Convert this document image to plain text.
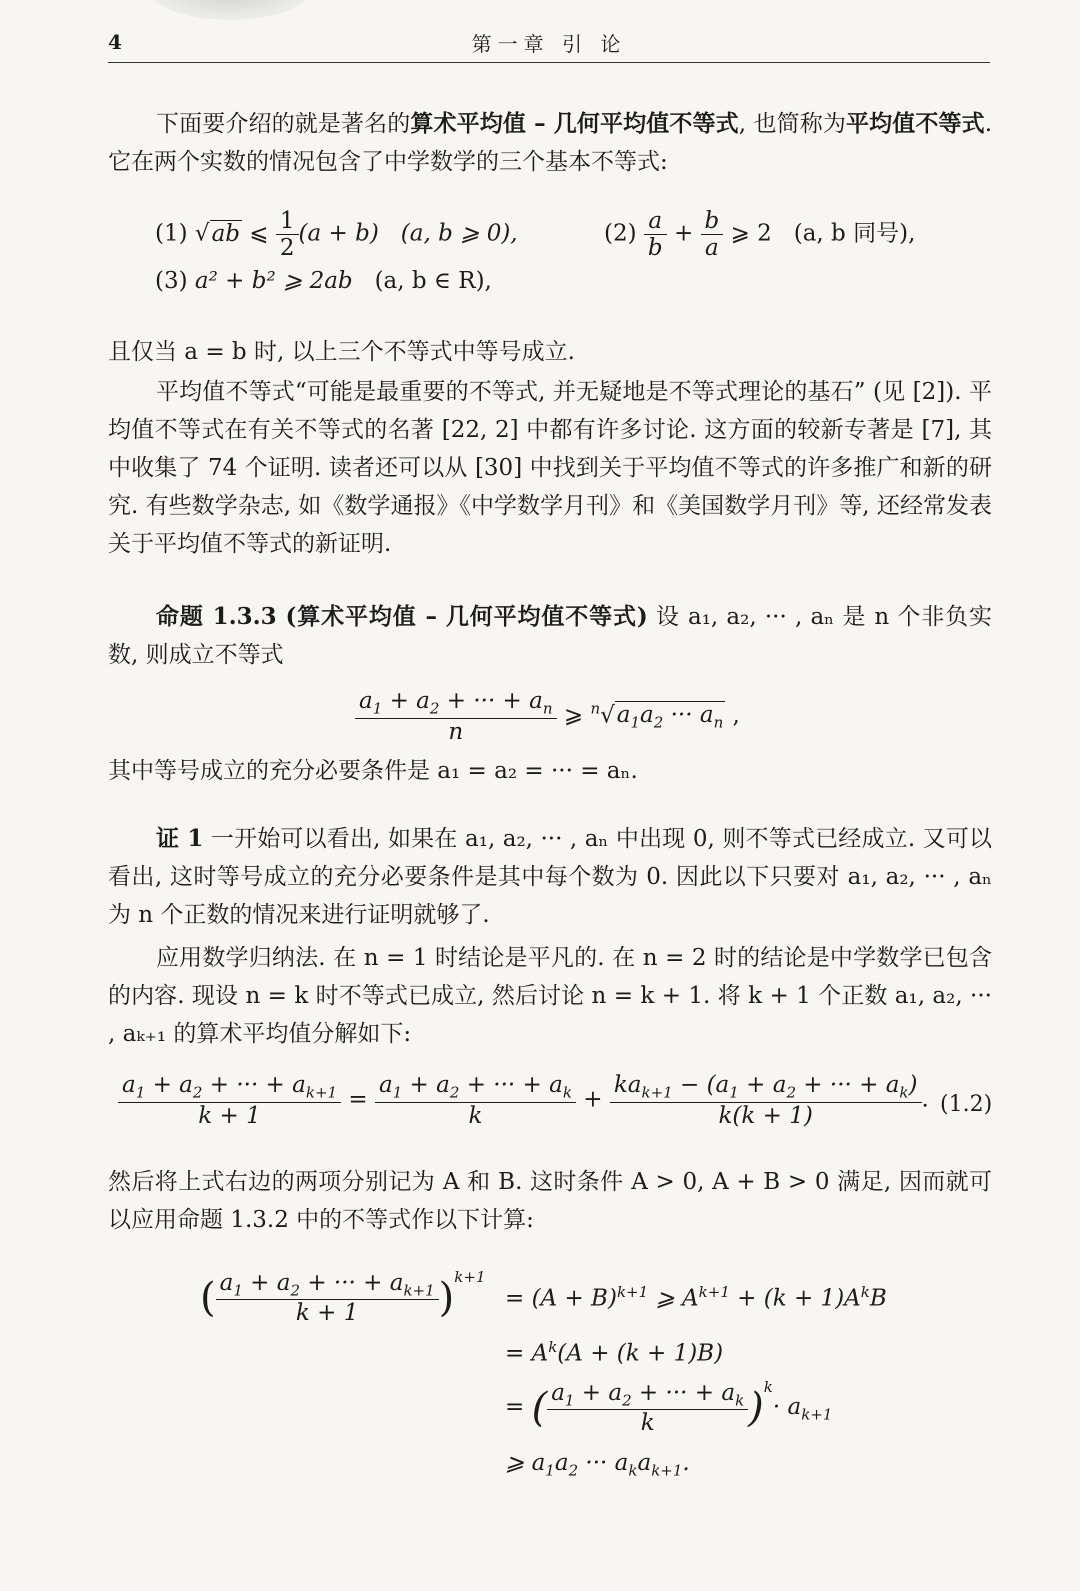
4	第一章 引 论
下面要介绍的就是著名的算术平均值 – 几何平均值不等式, 也简称为平均值不等式. 它在两个实数的情况包含了中学数学的三个基本不等式:
(1) √ab ⩽ $\frac{1}{2} (a + b)$ (a, b ⩾ 0),	$(2) \frac{a}{b} + \frac{b}{a}$ ⩾ 2   (a, b 同号),
(3) a² + b² ⩾ 2ab (a, b ∈ R),
且仅当 a = b 时, 以上三个不等式中等号成立.
平均值不等式“可能是最重要的不等式, 并无疑地是不等式理论的基石” (见 [2]). 平均值不等式在有关不等式的名著 [22, 2] 中都有许多讨论. 这方面的较新专著是 [7], 其中收集了 74 个证明. 读者还可以从 [30] 中找到关于平均值不等式的许多推广和新的研究. 有些数学杂志, 如《数学通报》《中学数学月刊》和《美国数学月刊》等, 还经常发表关于平均值不等式的新证明.
命题 1.3.3 (算术平均值 – 几何平均值不等式) 设 a₁, a₂, ··· , aₙ 是 n 个非负实数, 则成立不等式
$\frac{a_1 + a_2 + \cdot\cdot\cdot + a_n}{n}$ ⩾ $^n√a_1a_2$ ··· $a_n$ ,
其中等号成立的充分必要条件是 a₁ = a₂ = ··· = aₙ.
证 1 一开始可以看出, 如果在 a₁, a₂, ··· , aₙ 中出现 0, 则不等式已经成立. 又可以看出, 这时等号成立的充分必要条件是其中每个数为 0. 因此以下只要对 a₁, a₂, ··· , aₙ 为 n 个正数的情况来进行证明就够了.
应用数学归纳法. 在 n = 1 时结论是平凡的. 在 n = 2 时的结论是中学数学已包含的内容. 现设 n = k 时不等式已成立, 然后讨论 n = k + 1. 将 k + 1 个正数 a₁, a₂, ··· , aₖ₊₁ 的算术平均值分解如下:
$\frac{a_1 + a_2 + \cdot\cdot\cdot + a_{k+1}}{k + 1} = \frac{a_1 + a_2 + \cdot\cdot\cdot + a_k}{k} + \frac{ka_{k+1} - (a_1 + a_2 + \cdot\cdot\cdot + a_k)}{k(k + 1)}$ . (1.2)
然后将上式右边的两项分别记为 A 和 B. 这时条件 A > 0, A + B > 0 满足, 因而就可以应用命题 1.3.2 中的不等式作以下计算:
( $\frac{a_1 + a_2 + \cdot\cdot\cdot + a_{k+1}}{k + 1} )^{k+1}$
= $(A + B)^{k+1}$ ⩾ $A^{k+1} + (k + 1)A^kB$
= $A^k(A + (k + 1)B)$
= ( $\frac{a_1 + a_2 + \cdot\cdot\cdot + a_k}{k} )^k\cdot a_{k+1}$
⩾ $a_1a_2$ ··· $a_ka_{k+1}$.
